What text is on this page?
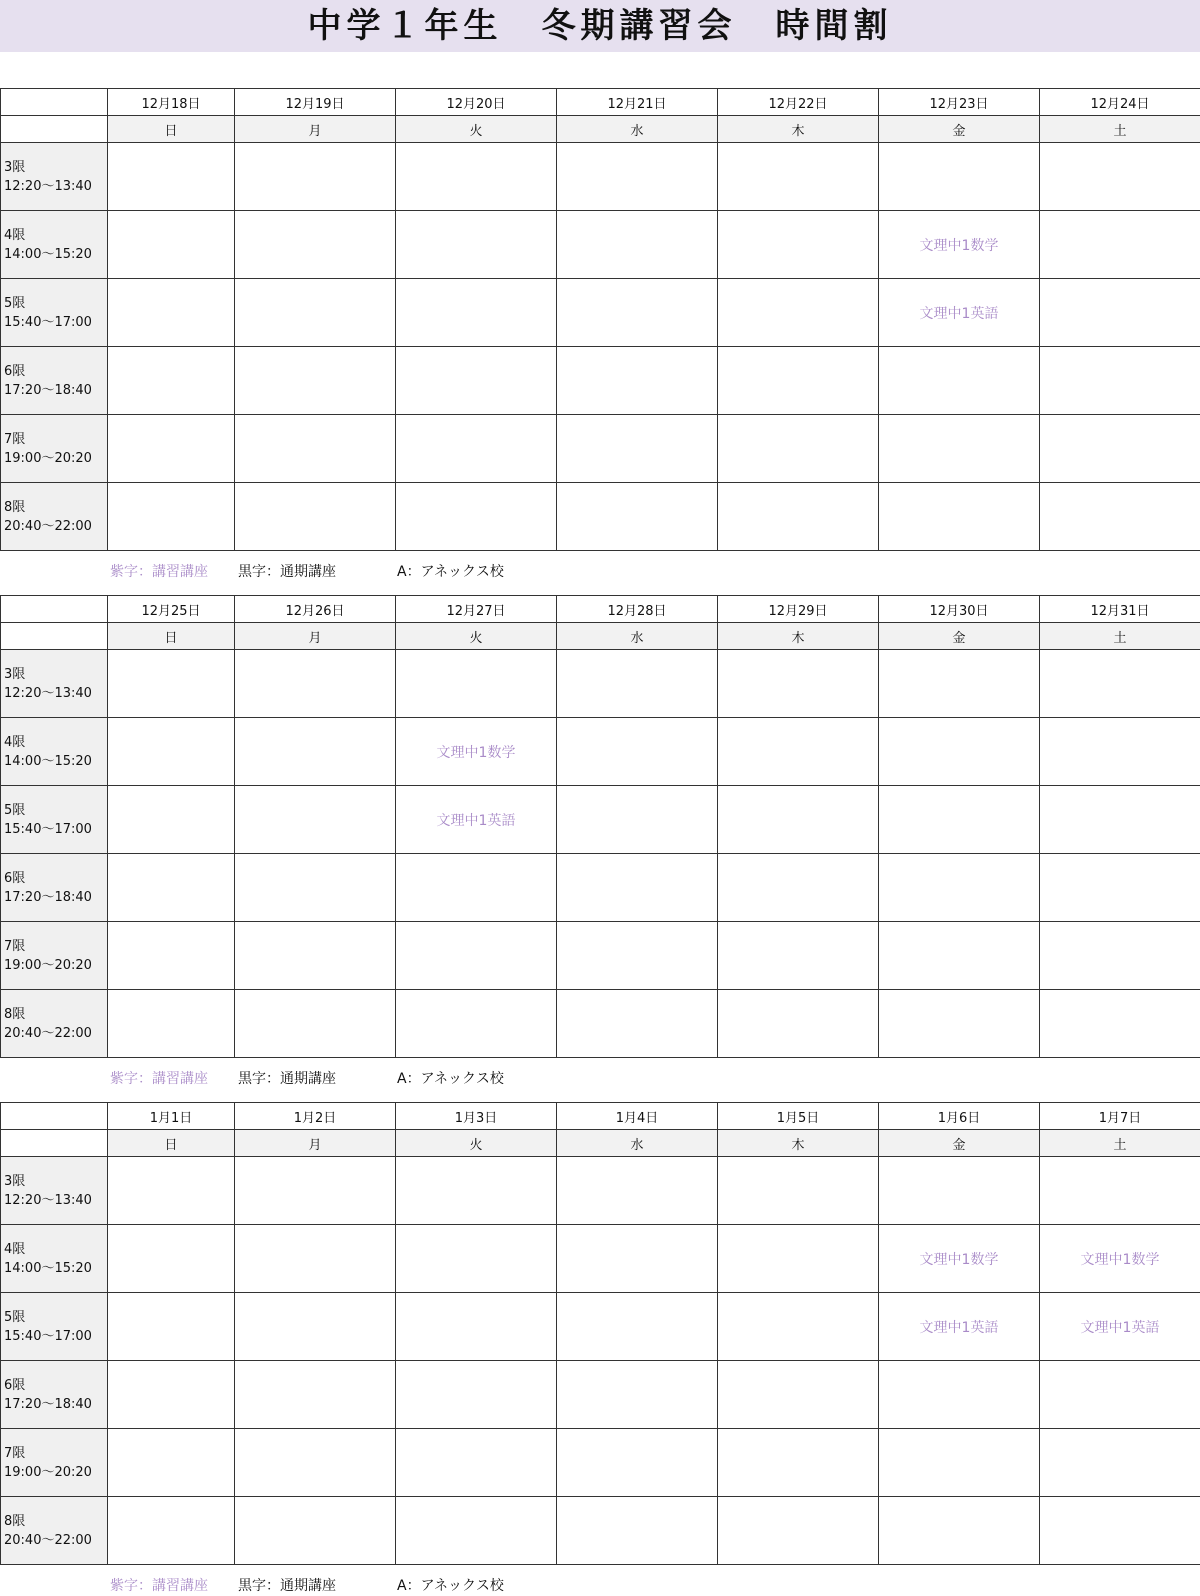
中学１年生　冬期講習会　時間割
	12月18日	12月19日	12月20日	12月21日	12月22日	12月23日	12月24日
	日	月	火	水	木	金	土

3限
12:20～13:40							

4限
14:00～15:20						文理中1数学	

5限
15:40～17:00						文理中1英語	

6限
17:20～18:40							

7限
19:00～20:20							

8限
20:40～22:00							

紫字：講習講座 黒字：通期講座	A：アネックス校
	12月25日	12月26日	12月27日	12月28日	12月29日	12月30日	12月31日
	日	月	火	水	木	金	土

3限
12:20～13:40							

4限
14:00～15:20			文理中1数学				

5限
15:40～17:00			文理中1英語				

6限
17:20～18:40							

7限
19:00～20:20							

8限
20:40～22:00							

紫字：講習講座 黒字：通期講座	A：アネックス校
	1月1日	1月2日	1月3日	1月4日	1月5日	1月6日	1月7日
	日	月	火	水	木	金	土

3限
12:20～13:40							

4限
14:00～15:20						文理中1数学	文理中1数学

5限
15:40～17:00						文理中1英語	文理中1英語

6限
17:20～18:40							

7限
19:00～20:20							

8限
20:40～22:00							

紫字：講習講座 黒字：通期講座	A：アネックス校
